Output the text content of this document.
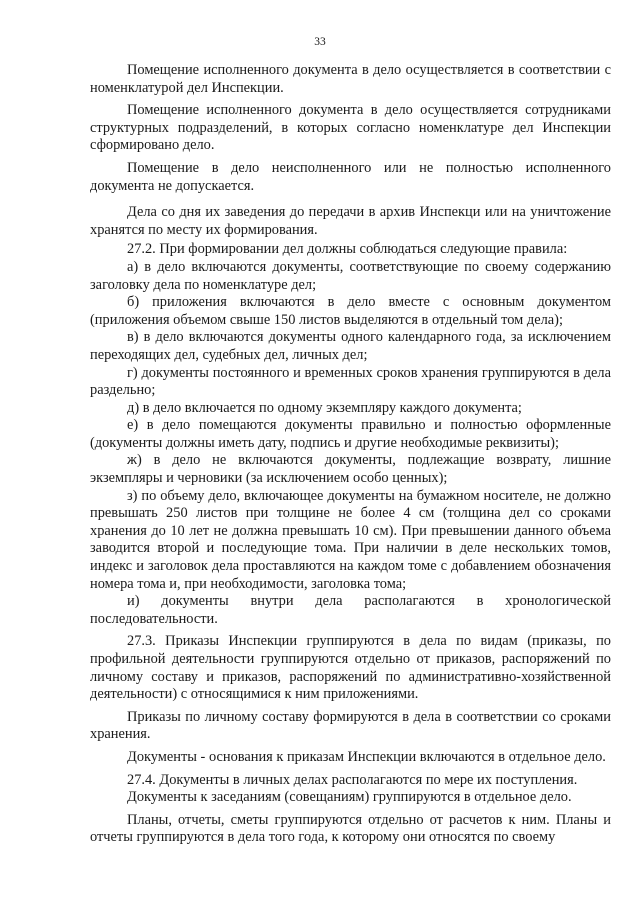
33

Помещение исполненного документа в дело осуществляется в соответствии с номенклатурой дел Инспекции.

Помещение исполненного документа в дело осуществляется сотрудниками структурных подразделений, в которых согласно номенклатуре дел Инспекции сформировано дело.

Помещение в дело неисполненного или не полностью исполненного документа не допускается.

Дела со дня их заведения до передачи в архив Инспекци или на уничтожение хранятся по месту их формирования.

27.2. При формировании дел должны соблюдаться следующие правила:

а) в дело включаются документы, соответствующие по своему содержанию заголовку дела по номенклатуре дел;

б) приложения включаются в дело вместе с основным документом (приложения объемом свыше 150 листов выделяются в отдельный том дела);

в) в дело включаются документы одного календарного года, за исключением переходящих дел, судебных дел, личных дел;

г) документы постоянного и временных сроков хранения группируются в дела раздельно;

д) в дело включается по одному экземпляру каждого документа;

е) в дело помещаются документы правильно и полностью оформленные (документы должны иметь дату, подпись и другие необходимые реквизиты);

ж) в дело не включаются документы, подлежащие возврату, лишние экземпляры и черновики (за исключением особо ценных);

з) по объему дело, включающее документы на бумажном носителе, не должно превышать 250 листов при толщине не более 4 см (толщина дел со сроками хранения до 10 лет не должна превышать 10 см). При превышении данного объема заводится второй и последующие тома. При наличии в деле нескольких томов, индекс и заголовок дела проставляются на каждом томе с добавлением обозначения номера тома и, при необходимости, заголовка тома;

и) документы внутри дела располагаются в хронологической последовательности.

27.3. Приказы Инспекции группируются в дела по видам (приказы, по профильной деятельности группируются отдельно от приказов, распоряжений по личному составу и приказов, распоряжений по административно-хозяйственной деятельности) с относящимися к ним приложениями.

Приказы по личному составу формируются в дела в соответствии со сроками хранения.

Документы - основания к приказам Инспекции включаются в отдельное дело.

27.4. Документы в личных делах располагаются по мере их поступления.

Документы к заседаниям (совещаниям) группируются в отдельное дело.

Планы, отчеты, сметы группируются отдельно от расчетов к ним. Планы и отчеты группируются в дела того года, к которому они относятся по своему
